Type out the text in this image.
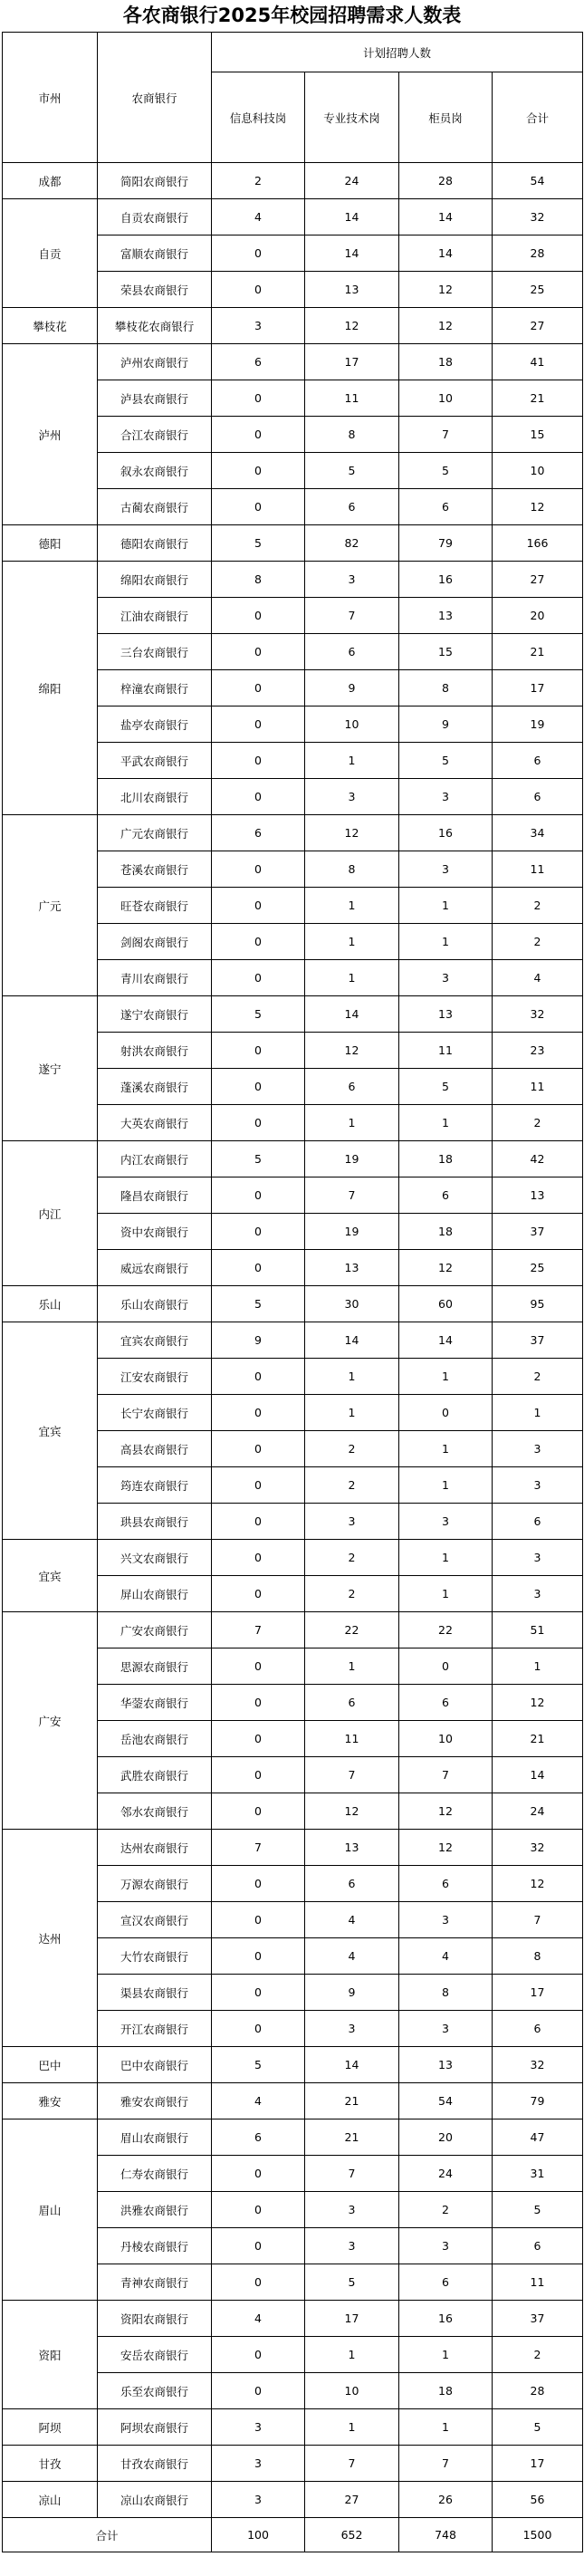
各农商银行2025年校园招聘需求人数表
市州	农商银行	计划招聘人数			
		信息科技岗	专业技术岗	柜员岗	合计
成都	简阳农商银行	2	24	28	54
自贡	自贡农商银行	4	14	14	32
	富顺农商银行	0	14	14	28
	荣县农商银行	0	13	12	25
攀枝花	攀枝花农商银行	3	12	12	27
泸州	泸州农商银行	6	17	18	41
	泸县农商银行	0	11	10	21
	合江农商银行	0	8	7	15
	叙永农商银行	0	5	5	10
	古蔺农商银行	0	6	6	12
德阳	德阳农商银行	5	82	79	166
绵阳	绵阳农商银行	8	3	16	27
	江油农商银行	0	7	13	20
	三台农商银行	0	6	15	21
	梓潼农商银行	0	9	8	17
	盐亭农商银行	0	10	9	19
	平武农商银行	0	1	5	6
	北川农商银行	0	3	3	6
广元	广元农商银行	6	12	16	34
	苍溪农商银行	0	8	3	11
	旺苍农商银行	0	1	1	2
	剑阁农商银行	0	1	1	2
	青川农商银行	0	1	3	4
遂宁	遂宁农商银行	5	14	13	32
	射洪农商银行	0	12	11	23
	蓬溪农商银行	0	6	5	11
	大英农商银行	0	1	1	2
内江	内江农商银行	5	19	18	42
	隆昌农商银行	0	7	6	13
	资中农商银行	0	19	18	37
	威远农商银行	0	13	12	25
乐山	乐山农商银行	5	30	60	95
宜宾	宜宾农商银行	9	14	14	37
	江安农商银行	0	1	1	2
	长宁农商银行	0	1	0	1
	高县农商银行	0	2	1	3
	筠连农商银行	0	2	1	3
	珙县农商银行	0	3	3	6
宜宾	兴文农商银行	0	2	1	3
	屏山农商银行	0	2	1	3
广安	广安农商银行	7	22	22	51
	思源农商银行	0	1	0	1
	华蓥农商银行	0	6	6	12
	岳池农商银行	0	11	10	21
	武胜农商银行	0	7	7	14
	邻水农商银行	0	12	12	24
达州	达州农商银行	7	13	12	32
	万源农商银行	0	6	6	12
	宣汉农商银行	0	4	3	7
	大竹农商银行	0	4	4	8
	渠县农商银行	0	9	8	17
	开江农商银行	0	3	3	6
巴中	巴中农商银行	5	14	13	32
雅安	雅安农商银行	4	21	54	79
眉山	眉山农商银行	6	21	20	47
	仁寿农商银行	0	7	24	31
	洪雅农商银行	0	3	2	5
	丹棱农商银行	0	3	3	6
	青神农商银行	0	5	6	11
资阳	资阳农商银行	4	17	16	37
	安岳农商银行	0	1	1	2
	乐至农商银行	0	10	18	28
阿坝	阿坝农商银行	3	1	1	5
甘孜	甘孜农商银行	3	7	7	17
凉山	凉山农商银行	3	27	26	56
合计		100	652	748	1500
